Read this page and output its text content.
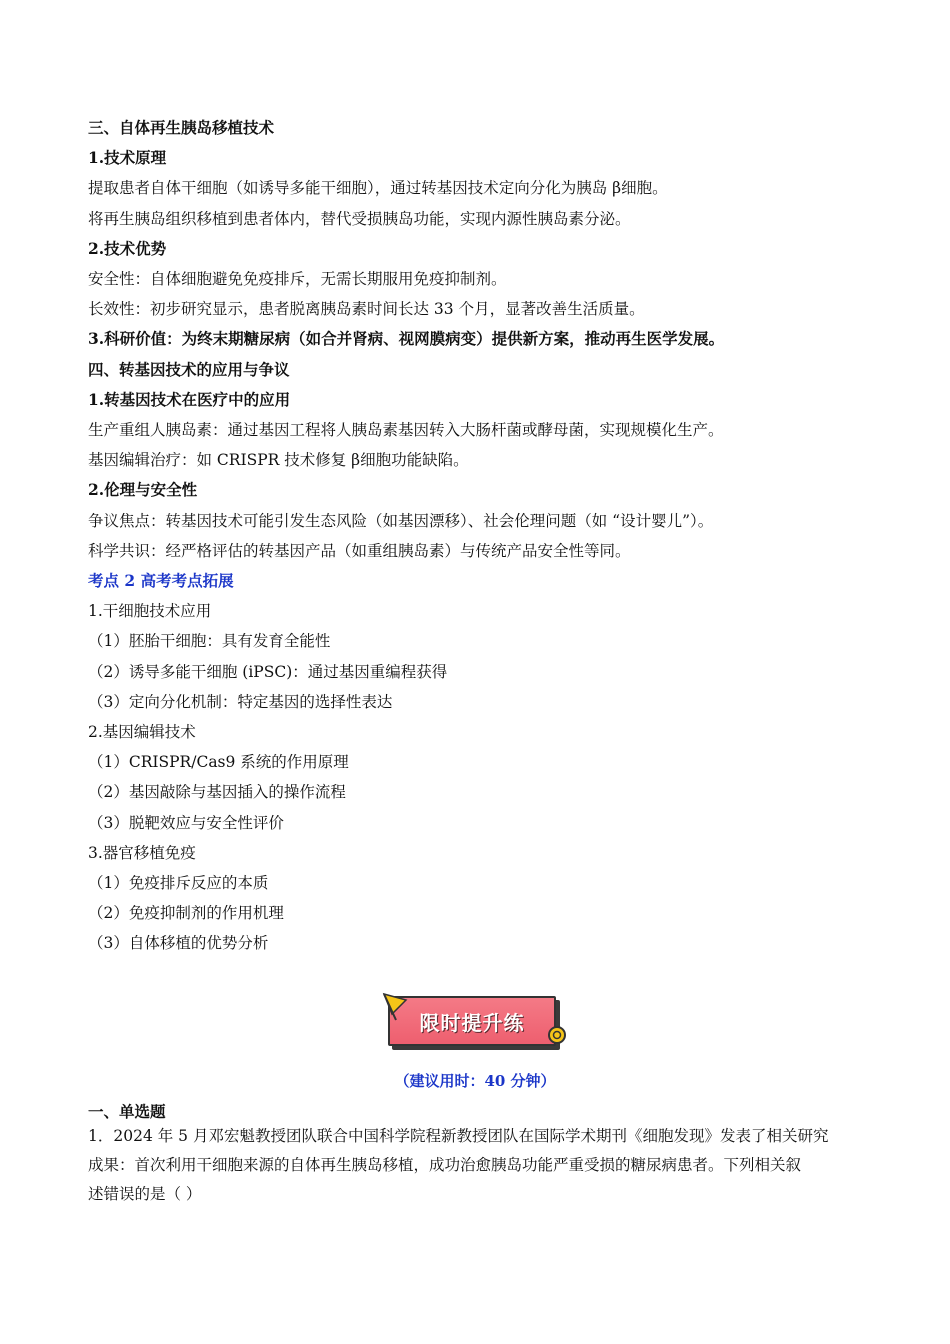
三、自体再生胰岛移植技术
1.技术原理
提取患者自体干细胞（如诱导多能干细胞），通过转基因技术定向分化为胰岛 β细胞。
将再生胰岛组织移植到患者体内，替代受损胰岛功能，实现内源性胰岛素分泌。
2.技术优势
安全性：自体细胞避免免疫排斥，无需长期服用免疫抑制剂。
长效性：初步研究显示，患者脱离胰岛素时间长达 33 个月，显著改善生活质量。
3.科研价值：为终末期糖尿病（如合并肾病、视网膜病变）提供新方案，推动再生医学发展。
四、转基因技术的应用与争议
1.转基因技术在医疗中的应用
生产重组人胰岛素：通过基因工程将人胰岛素基因转入大肠杆菌或酵母菌，实现规模化生产。
基因编辑治疗：如 CRISPR 技术修复 β细胞功能缺陷。
2.伦理与安全性
争议焦点：转基因技术可能引发生态风险（如基因漂移）、社会伦理问题（如 “设计婴儿”）。
科学共识：经严格评估的转基因产品（如重组胰岛素）与传统产品安全性等同。
考点 2 高考考点拓展
1.干细胞技术应用
（1）胚胎干细胞：具有发育全能性
（2）诱导多能干细胞 (iPSC)：通过基因重编程获得
（3）定向分化机制：特定基因的选择性表达
2.基因编辑技术
（1）CRISPR/Cas9 系统的作用原理
（2）基因敲除与基因插入的操作流程
（3）脱靶效应与安全性评价
3.器官移植免疫
（1）免疫排斥反应的本质
（2）免疫抑制剂的作用机理
（3）自体移植的优势分析
限时提升练
（建议用时：40 分钟）
一、单选题
1．2024 年 5 月邓宏魁教授团队联合中国科学院程新教授团队在国际学术期刊《细胞发现》发表了相关研究
成果：首次利用干细胞来源的自体再生胰岛移植，成功治愈胰岛功能严重受损的糖尿病患者。下列相关叙
述错误的是（ ）
